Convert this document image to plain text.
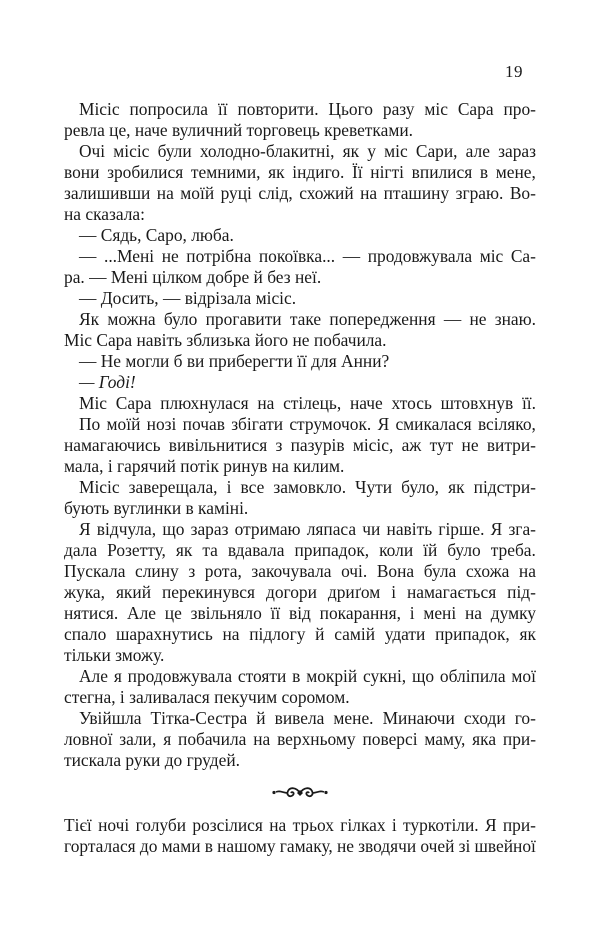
19
Місіс попросила її повторити. Цього разу міс Сара про-
ревла це, наче вуличний торговець креветками.
Очі місіс були холодно-блакитні, як у міс Сари, але зараз
вони зробилися темними, як індиго. Її нігті впилися в мене,
залишивши на моїй руці слід, схожий на пташину зграю. Во-
на сказала:
— Сядь, Саро, люба.
— ...Мені не потрібна покоївка... — продовжувала міс Са-
ра. — Мені цілком добре й без неї.
— Досить, — відрізала місіс.
Як можна було прогавити таке попередження — не знаю.
Міс Сара навіть зблизька його не побачила.
— Не могли б ви приберегти її для Анни?
— Годі!
Міс Сара плюхнулася на стілець, наче хтось штовхнув її.
По моїй нозі почав збігати струмочок. Я смикалася всіляко,
намагаючись вивільнитися з пазурів місіс, аж тут не витри-
мала, і гарячий потік ринув на килим.
Місіс заверещала, і все замовкло. Чути було, як підстри-
бують вуглинки в каміні.
Я відчула, що зараз отримаю ляпаса чи навіть гірше. Я зга-
дала Розетту, як та вдавала припадок, коли їй було треба.
Пускала слину з рота, закочувала очі. Вона була схожа на
жука, який перекинувся догори дриґом і намагається під-
нятися. Але це звільняло її від покарання, і мені на думку
спало шарахнутись на підлогу й самій удати припадок, як
тільки зможу.
Але я продовжувала стояти в мокрій сукні, що обліпила мої
стегна, і заливалася пекучим соромом.
Увійшла Тітка-Сестра й вивела мене. Минаючи сходи го-
ловної зали, я побачила на верхньому поверсі маму, яка при-
тискала руки до грудей.
Тієї ночі голуби розсілися на трьох гілках і туркотіли. Я при-
горталася до мами в нашому гамаку, не зводячи очей зі швейної
